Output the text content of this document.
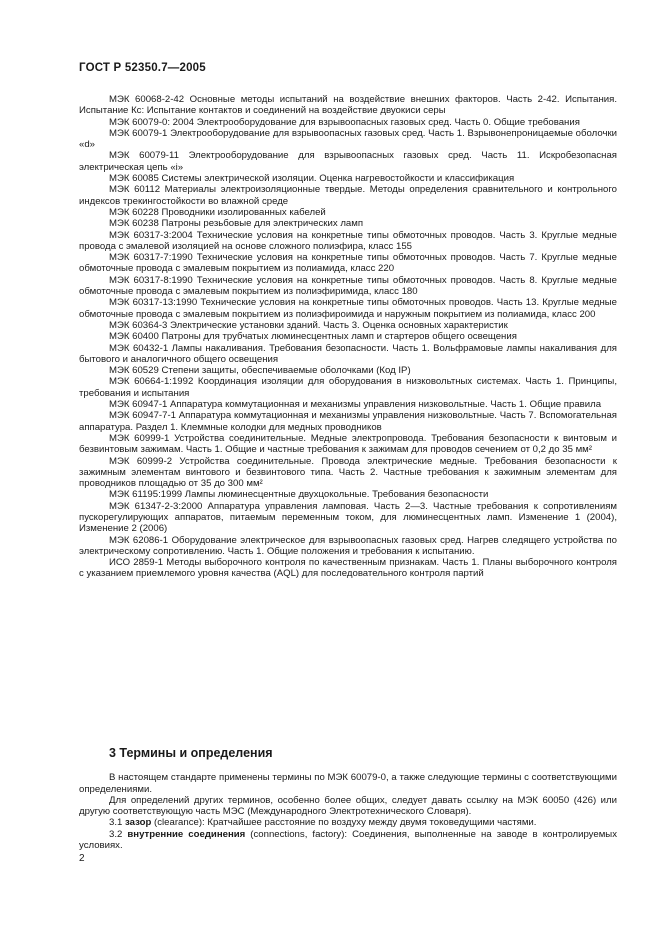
ГОСТ Р 52350.7—2005

МЭК 60068-2-42 Основные методы испытаний на воздействие внешних факторов. Часть 2-42. Испытания. Испытание Кс: Испытание контактов и соединений на воздействие двуокиси серы

МЭК 60079-0: 2004 Электрооборудование для взрывоопасных газовых сред. Часть 0. Общие требования

МЭК 60079-1 Электрооборудование для взрывоопасных газовых сред. Часть 1. Взрывонепроницаемые оболочки «d»

МЭК 60079-11 Электрооборудование для взрывоопасных газовых сред. Часть 11. Искробезопасная электрическая цепь «i»

МЭК 60085 Системы электрической изоляции. Оценка нагревостойкости и классификация

МЭК 60112 Материалы электроизоляционные твердые. Методы определения сравнительного и контрольного индексов трекингостойкости во влажной среде

МЭК 60228 Проводники изолированных кабелей

МЭК 60238 Патроны резьбовые для электрических ламп

МЭК 60317-3:2004 Технические условия на конкретные типы обмоточных проводов. Часть 3. Круглые медные провода с эмалевой изоляцией на основе сложного полиэфира, класс 155

МЭК 60317-7:1990 Технические условия на конкретные типы обмоточных проводов. Часть 7. Круглые медные обмоточные провода с эмалевым покрытием из полиамида, класс 220

МЭК 60317-8:1990 Технические условия на конкретные типы обмоточных проводов. Часть 8. Круглые медные обмоточные провода с эмалевым покрытием из полиэфиримида, класс 180

МЭК 60317-13:1990 Технические условия на конкретные типы обмоточных проводов. Часть 13. Круглые медные обмоточные провода с эмалевым покрытием из полиэфироимида и наружным покрытием из полиамида, класс 200

МЭК 60364-3 Электрические установки зданий. Часть 3. Оценка основных характеристик

МЭК 60400 Патроны для трубчатых люминесцентных ламп и стартеров общего освещения

МЭК 60432-1 Лампы накаливания. Требования безопасности. Часть 1. Вольфрамовые лампы накаливания для бытового и аналогичного общего освещения

МЭК 60529 Степени защиты, обеспечиваемые оболочками (Код IP)

МЭК 60664-1:1992 Координация изоляции для оборудования в низковольтных системах. Часть 1. Принципы, требования и испытания

МЭК 60947-1 Аппаратура коммутационная и механизмы управления низковольтные. Часть 1. Общие правила

МЭК 60947-7-1 Аппаратура коммутационная и механизмы управления низковольтные. Часть 7. Вспомогательная аппаратура. Раздел 1. Клеммные колодки для медных проводников

МЭК 60999-1 Устройства соединительные. Медные электропровода. Требования безопасности к винтовым и безвинтовым зажимам. Часть 1. Общие и частные требования к зажимам для проводов сечением от 0,2 до 35 мм²

МЭК 60999-2 Устройства соединительные. Провода электрические медные. Требования безопасности к зажимным элементам винтового и безвинтового типа. Часть 2. Частные требования к зажимным элементам для проводников площадью от 35 до 300 мм²

МЭК 61195:1999 Лампы люминесцентные двухцокольные. Требования безопасности

МЭК 61347-2-3:2000 Аппаратура управления ламповая. Часть 2—3. Частные требования к сопротивлениям пускорегулирующих аппаратов, питаемым переменным током, для люминесцентных ламп. Изменение 1 (2004), Изменение 2 (2006)

МЭК 62086-1 Оборудование электрическое для взрывоопасных газовых сред. Нагрев следящего устройства по электрическому сопротивлению. Часть 1. Общие положения и требования к испытанию.

ИСО 2859-1 Методы выборочного контроля по качественным признакам. Часть 1. Планы выборочного контроля с указанием приемлемого уровня качества (AQL) для последовательного контроля партий

3 Термины и определения

В настоящем стандарте применены термины по МЭК 60079-0, а также следующие термины с соответствующими определениями.

Для определений других терминов, особенно более общих, следует давать ссылку на МЭК 60050 (426) или другую соответствующую часть МЭС (Международного Электротехнического Словаря).

3.1 зазор (clearance): Кратчайшее расстояние по воздуху между двумя токоведущими частями.

3.2 внутренние соединения (connections, factory): Соединения, выполненные на заводе в контролируемых условиях.

2
